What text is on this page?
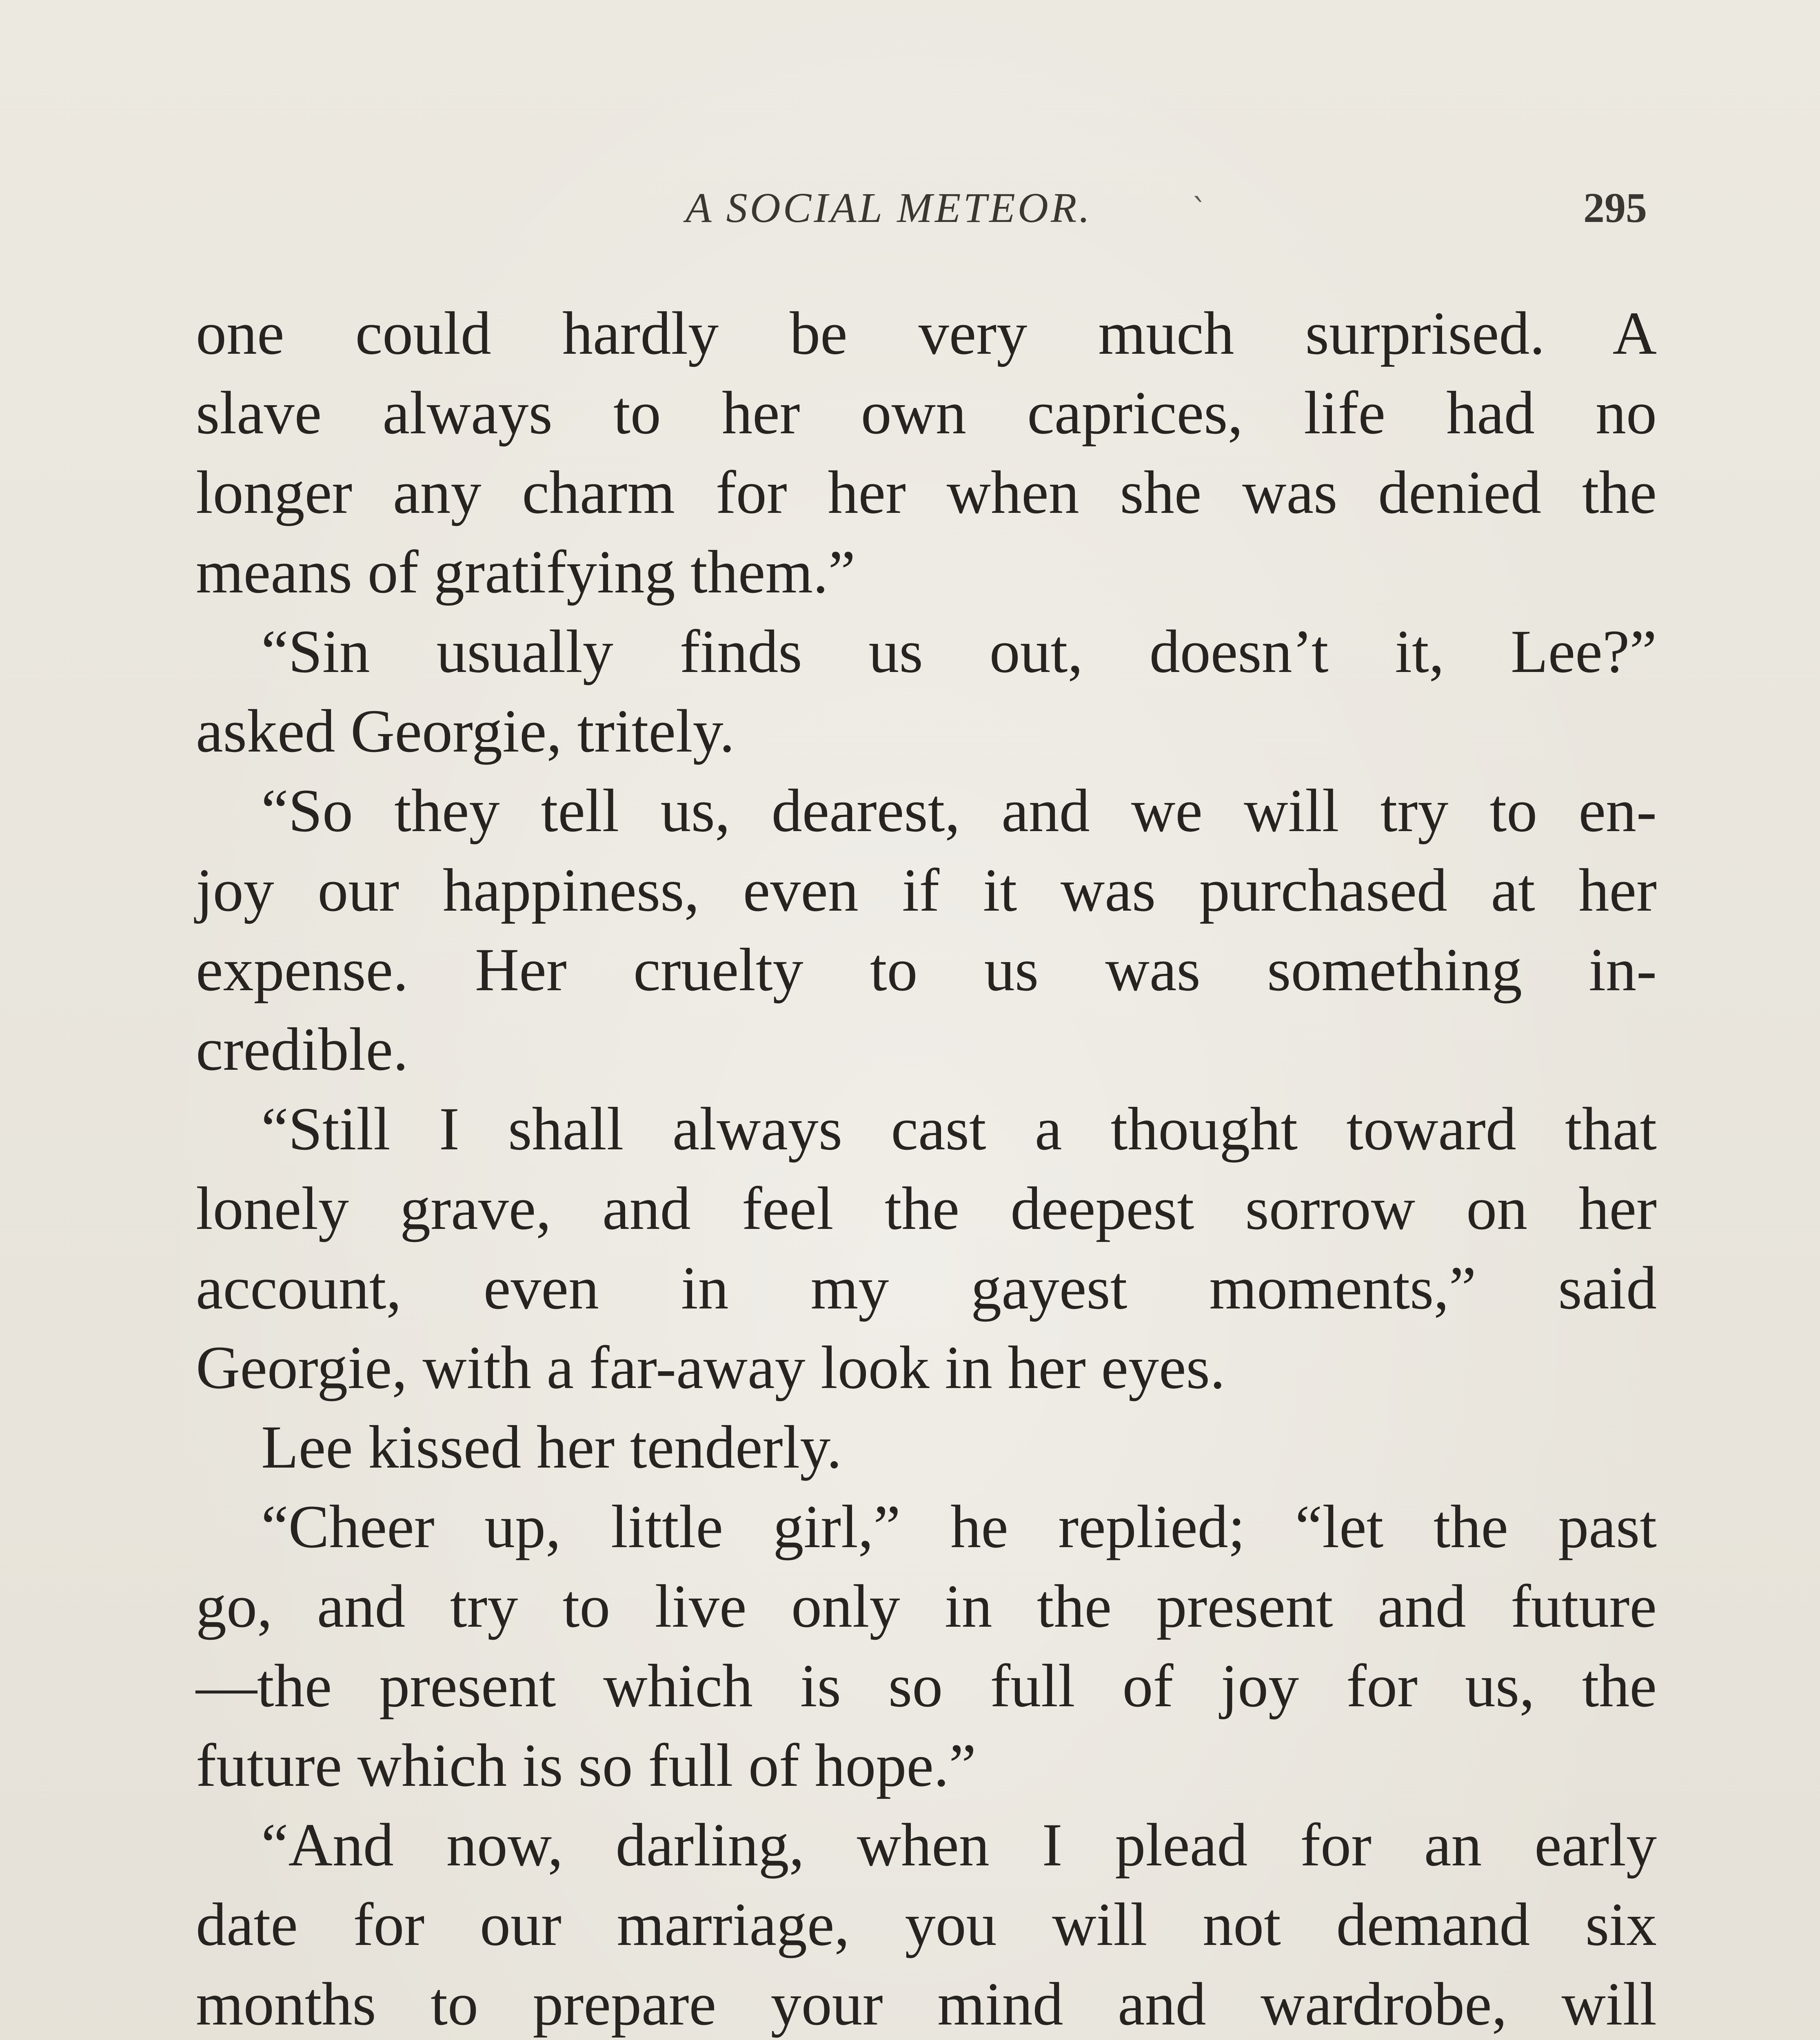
A SOCIAL METEOR.	`	295
one could hardly be very much surprised. A
slave always to her own caprices, life had no
longer any charm for her when she was denied the
means of gratifying them.”
“Sin usually finds us out, doesn’t it, Lee?”
asked Georgie, tritely.
“So they tell us, dearest, and we will try to en-
joy our happiness, even if it was purchased at her
expense. Her cruelty to us was something in-
credible.
“Still I shall always cast a thought toward that
lonely grave, and feel the deepest sorrow on her
account, even in my gayest moments,” said
Georgie, with a far-away look in her eyes.
Lee kissed her tenderly.
“Cheer up, little girl,” he replied; “let the past
go, and try to live only in the present and future
—the present which is so full of joy for us, the
future which is so full of hope.”
“And now, darling, when I plead for an early
date for our marriage, you will not demand six
months to prepare your mind and wardrobe, will
